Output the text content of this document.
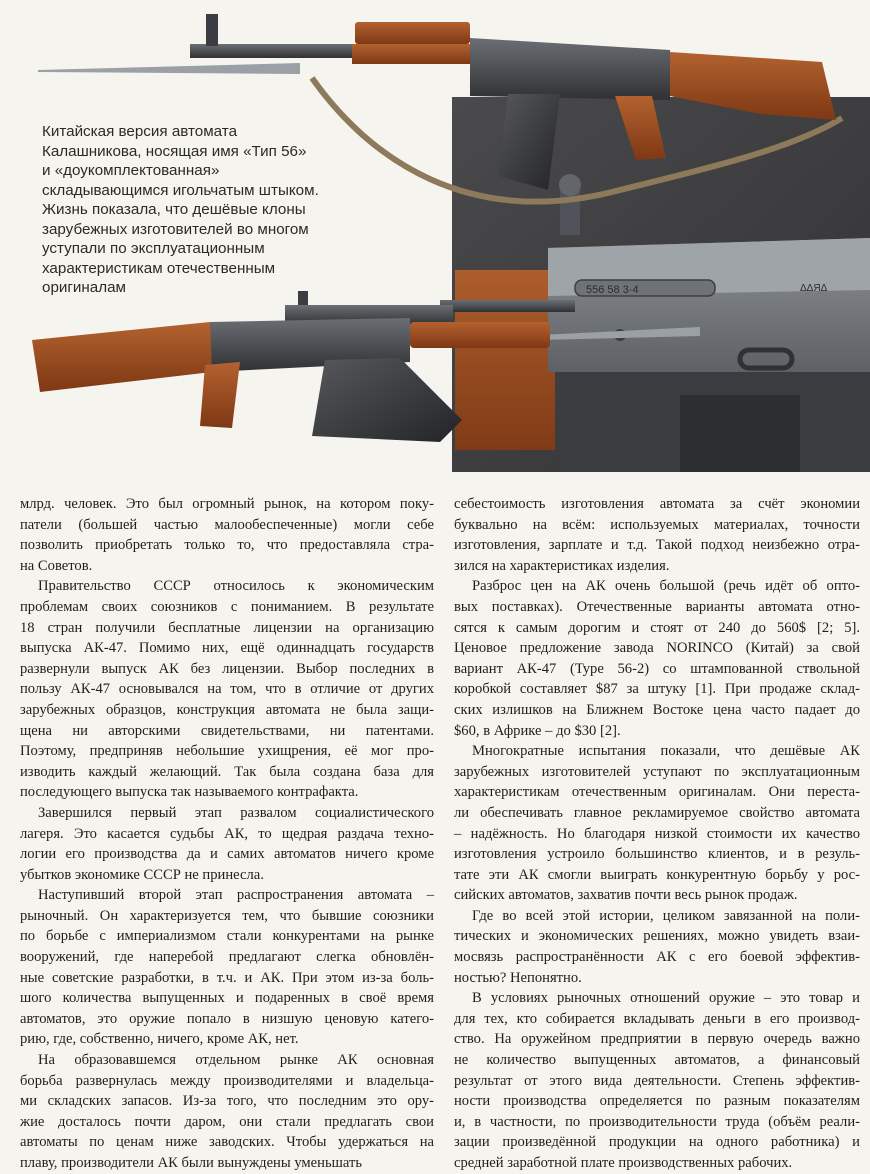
556 58 3·4	ΔΔЯΔ
Китайская версия автомата
Калашникова, носящая имя «Тип 56»
и «доукомплектованная»
складывающимся игольчатым штыком.
Жизнь показала, что дешёвые клоны
зарубежных изготовителей во многом
уступали по эксплуатационным
характеристикам отечественным
оригиналам

млрд. человек. Это был огромный рынок, на котором поку-
патели (большей частью малообеспеченные) могли себе
позволить приобретать только то, что предоставляла стра-
на Советов.

Правительство СССР относилось к экономическим
проблемам своих союзников с пониманием. В результате
18 стран получили бесплатные лицензии на организацию
выпуска АК-47. Помимо них, ещё одиннадцать государств
развернули выпуск АК без лицензии. Выбор последних в
пользу АК-47 основывался на том, что в отличие от других
зарубежных образцов, конструкция автомата не была защи-
щена ни авторскими свидетельствами, ни патентами.
Поэтому, предприняв небольшие ухищрения, её мог про-
изводить каждый желающий. Так была создана база для
последующего выпуска так называемого контрафакта.

Завершился первый этап развалом социалистического
лагеря. Это касается судьбы АК, то щедрая раздача техно-
логии его производства да и самих автоматов ничего кроме
убытков экономике СССР не принесла.

Наступивший второй этап распространения автомата –
рыночный. Он характеризуется тем, что бывшие союзники
по борьбе с империализмом стали конкурентами на рынке
вооружений, где наперебой предлагают слегка обновлён-
ные советские разработки, в т.ч. и АК. При этом из-за боль-
шого количества выпущенных и подаренных в своё время
автоматов, это оружие попало в низшую ценовую катего-
рию, где, собственно, ничего, кроме АК, нет.

На образовавшемся отдельном рынке АК основная
борьба развернулась между производителями и владельца-
ми складских запасов. Из-за того, что последним это ору-
жие досталось почти даром, они стали предлагать свои
автоматы по ценам ниже заводских. Чтобы удержаться на
плаву, производители АК были вынуждены уменьшать

себестоимость изготовления автомата за счёт экономии
буквально на всём: используемых материалах, точности
изготовления, зарплате и т.д. Такой подход неизбежно отра-
зился на характеристиках изделия.

Разброс цен на АК очень большой (речь идёт об опто-
вых поставках). Отечественные варианты автомата отно-
сятся к самым дорогим и стоят от 240 до 560$ [2; 5].
Ценовое предложение завода NORINCO (Китай) за свой
вариант АК-47 (Type 56-2) со штампованной ствольной
коробкой составляет $87 за штуку [1]. При продаже склад-
ских излишков на Ближнем Востоке цена часто падает до
$60, в Африке – до $30 [2].

Многократные испытания показали, что дешёвые АК
зарубежных изготовителей уступают по эксплуатационным
характеристикам отечественным оригиналам. Они переста-
ли обеспечивать главное рекламируемое свойство автомата
– надёжность. Но благодаря низкой стоимости их качество
изготовления устроило большинство клиентов, и в резуль-
тате эти АК смогли выиграть конкурентную борьбу у рос-
сийских автоматов, захватив почти весь рынок продаж.

Где во всей этой истории, целиком завязанной на поли-
тических и экономических решениях, можно увидеть взаи-
мосвязь распространённости АК с его боевой эффектив-
ностью? Непонятно.

В условиях рыночных отношений оружие – это товар и
для тех, кто собирается вкладывать деньги в его производ-
ство. На оружейном предприятии в первую очередь важно
не количество выпущенных автоматов, а финансовый
результат от этого вида деятельности. Степень эффектив-
ности производства определяется по разным показателям
и, в частности, по производительности труда (объём реали-
зации произведённой продукции на одного работника) и
средней заработной плате производственных рабочих.
